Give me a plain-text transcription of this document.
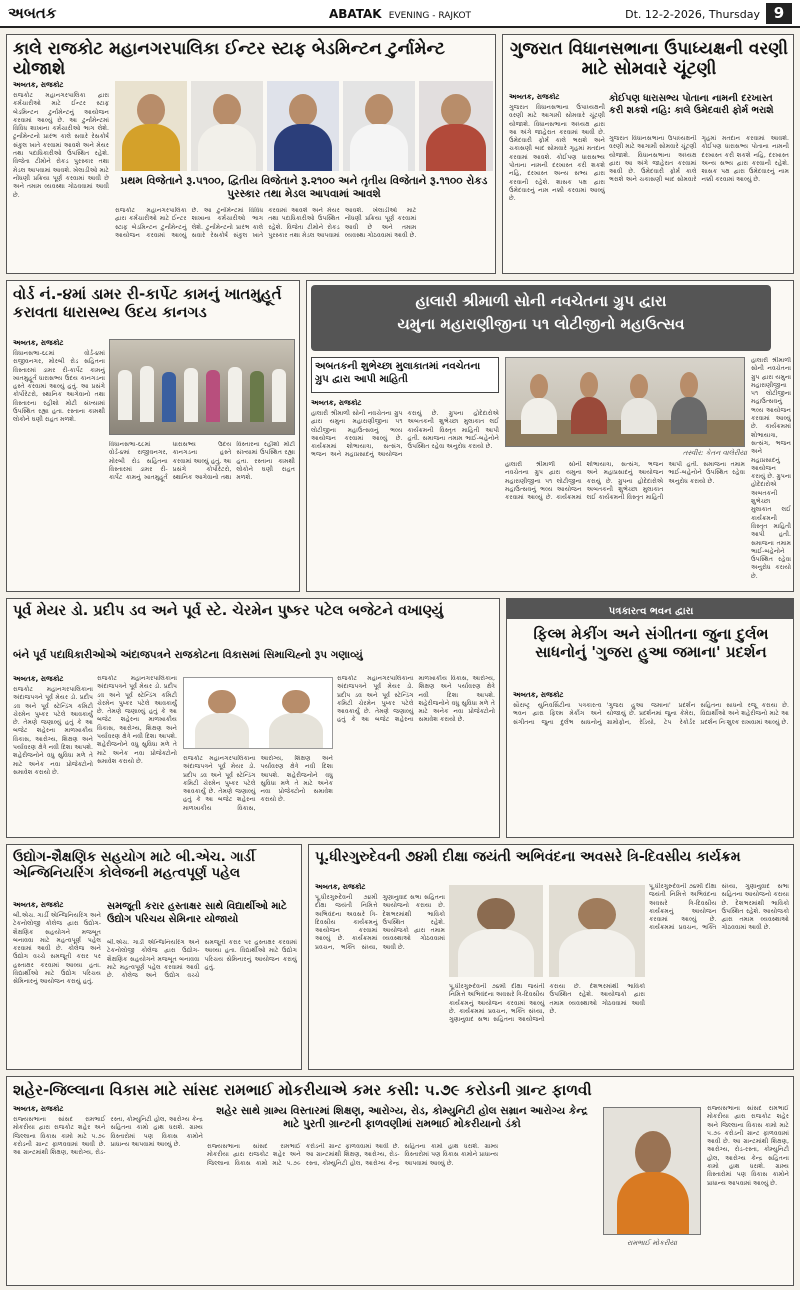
અબતક	ABATAK EVENING - RAJKOT	Dt. 12-2-2026, Thursday 9
કાલે રાજકોટ મહાનગરપાલિકા ઈન્ટર સ્ટાફ બેડમિન્ટન ટુર્નામેન્ટ યોજાશે
અબતક, રાજકોટ
રાજકોટ મહાનગરપાલિકા દ્વારા કર્મચારીઓ માટે ઈન્ટર સ્ટાફ બેડમિન્ટન ટુર્નામેન્ટનું આયોજન કરવામાં આવ્યું છે. આ ટુર્નામેન્ટમાં વિવિધ શાખાના કર્મચારીઓ ભાગ લેશે. ટુર્નામેન્ટનો પ્રારંભ કાલે સવારે રેસકોર્ષ સંકુલ ખાતે કરવામાં આવશે અને મેયર તથા પદાધિકારીઓ ઉપસ્થિત રહેશે. વિજેતા ટીમોને રોકડ પુરસ્કાર તથા મેડલ આપવામાં આવશે. ખેલાડીઓ માટે નોંધણી પ્રક્રિયા પૂર્ણ કરવામાં આવી છે અને તમામ વ્યવસ્થા ગોઠવવામાં આવી છે.
પ્રથમ વિજેતાને રૂ.૫૧૦૦, દ્વિતીય વિજેતાને રૂ.૨૧૦૦ અને તૃતીય વિજેતાને રૂ.૧૧૦૦ રોકડ પુરસ્કાર તથા મેડલ આપવામાં આવશે
રાજકોટ મહાનગરપાલિકા દ્વારા કર્મચારીઓ માટે ઈન્ટર સ્ટાફ બેડમિન્ટન ટુર્નામેન્ટનું આયોજન કરવામાં આવ્યું છે. આ ટુર્નામેન્ટમાં વિવિધ શાખાના કર્મચારીઓ ભાગ લેશે. ટુર્નામેન્ટનો પ્રારંભ કાલે સવારે રેસકોર્ષ સંકુલ ખાતે કરવામાં આવશે અને મેયર તથા પદાધિકારીઓ ઉપસ્થિત રહેશે. વિજેતા ટીમોને રોકડ પુરસ્કાર તથા મેડલ આપવામાં આવશે. ખેલાડીઓ માટે નોંધણી પ્રક્રિયા પૂર્ણ કરવામાં આવી છે અને તમામ વ્યવસ્થા ગોઠવવામાં આવી છે.
ગુજરાત વિધાનસભાના ઉપાધ્યક્ષની વરણી માટે સોમવારે ચૂંટણી
અબતક, રાજકોટ
ગુજરાત વિધાનસભાના ઉપાધ્યક્ષની વરણી માટે આગામી સોમવારે ચૂંટણી યોજાશે. વિધાનસભાના અધ્યક્ષ દ્વારા આ અંગે જાહેરાત કરવામાં આવી છે. ઉમેદવારી ફોર્મ કાલે ભરાશે અને ચકાસણી બાદ સોમવારે ગૃહમાં મતદાન કરવામાં આવશે. કોઈપણ ધારાસભ્ય પોતાના નામની દરખાસ્ત કરી શકશે નહિ, દરખાસ્ત અન્ય સભ્ય દ્વારા કરવાની રહેશે. શાસક પક્ષ દ્વારા ઉમેદવારનું નામ નક્કી કરવામાં આવ્યું છે.
કોઈપણ ધારાસભ્ય પોતાના નામની દરખાસ્ત કરી શકશે નહિ: કાલે ઉમેદવારી ફોર્મ ભરાશે
ગુજરાત વિધાનસભાના ઉપાધ્યક્ષની વરણી માટે આગામી સોમવારે ચૂંટણી યોજાશે. વિધાનસભાના અધ્યક્ષ દ્વારા આ અંગે જાહેરાત કરવામાં આવી છે. ઉમેદવારી ફોર્મ કાલે ભરાશે અને ચકાસણી બાદ સોમવારે ગૃહમાં મતદાન કરવામાં આવશે. કોઈપણ ધારાસભ્ય પોતાના નામની દરખાસ્ત કરી શકશે નહિ, દરખાસ્ત અન્ય સભ્ય દ્વારા કરવાની રહેશે. શાસક પક્ષ દ્વારા ઉમેદવારનું નામ નક્કી કરવામાં આવ્યું છે.
વોર્ડ નં.-૪માં ડામર રી-કાર્પેટ કામનું ખાતમુહૂર્ત કરાવતા ધારાસભ્ય ઉદય કાનગડ
અબતક, રાજકોટ
વિધાનસભા-૬૮માં વોર્ડ-૪માં રાજીવનગર, મોરબી રોડ સહિતના વિસ્તારમાં ડામર રી-કાર્પેટ કામનું ખાતમુહૂર્ત ધારાસભ્ય ઉદય કાનગડના હસ્તે કરવામાં આવ્યું હતું. આ પ્રસંગે કોર્પોરેટરો, સ્થાનિક આગેવાનો તથા વિસ્તારના રહીશો મોટી સંખ્યામાં ઉપસ્થિત રહ્યા હતા. રસ્તાના કામથી લોકોને ઘણી રાહત મળશે.
વિધાનસભા-૬૮માં વોર્ડ-૪માં રાજીવનગર, મોરબી રોડ સહિતના વિસ્તારમાં ડામર રી-કાર્પેટ કામનું ખાતમુહૂર્ત ધારાસભ્ય ઉદય કાનગડના હસ્તે કરવામાં આવ્યું હતું. આ પ્રસંગે કોર્પોરેટરો, સ્થાનિક આગેવાનો તથા વિસ્તારના રહીશો મોટી સંખ્યામાં ઉપસ્થિત રહ્યા હતા. રસ્તાના કામથી લોકોને ઘણી રાહત મળશે.
હાલારી શ્રીમાળી સોની નવચેતના ગ્રુપ દ્વારા
યમુના મહારાણીજીના ૫૧ લોટીજીનો મહાઉત્સવ
અબતકની શુભેચ્છા મુલાકાતમાં નવચેતના ગ્રુપ દ્વારા આપી માહિતી
તસ્વીર: કેતન વાલેરીયા
હાલારી શ્રીમાળી સોની નવચેતના ગ્રુપ દ્વારા યમુના મહારાણીજીના ૫૧ લોટીજીના મહાઉત્સવનું ભવ્ય આયોજન કરવામાં આવ્યું છે. કાર્યક્રમમાં શોભાયાત્રા, સત્સંગ, ભજન અને મહાપ્રસાદનું આયોજન કરાયું છે. ગ્રુપના હોદેદારોએ અબતકની શુભેચ્છા મુલાકાત લઈ કાર્યક્રમની વિસ્તૃત માહિતી આપી હતી. સમાજના તમામ ભાઈ-બહેનોને ઉપસ્થિત રહેવા અનુરોધ કરાયો છે.
અબતક, રાજકોટ
હાલારી શ્રીમાળી સોની નવચેતના ગ્રુપ દ્વારા યમુના મહારાણીજીના ૫૧ લોટીજીના મહાઉત્સવનું ભવ્ય આયોજન કરવામાં આવ્યું છે. કાર્યક્રમમાં શોભાયાત્રા, સત્સંગ, ભજન અને મહાપ્રસાદનું આયોજન કરાયું છે. ગ્રુપના હોદેદારોએ અબતકની શુભેચ્છા મુલાકાત લઈ કાર્યક્રમની વિસ્તૃત માહિતી આપી હતી. સમાજના તમામ ભાઈ-બહેનોને ઉપસ્થિત રહેવા અનુરોધ કરાયો છે.
હાલારી શ્રીમાળી સોની નવચેતના ગ્રુપ દ્વારા યમુના મહારાણીજીના ૫૧ લોટીજીના મહાઉત્સવનું ભવ્ય આયોજન કરવામાં આવ્યું છે. કાર્યક્રમમાં શોભાયાત્રા, સત્સંગ, ભજન અને મહાપ્રસાદનું આયોજન કરાયું છે. ગ્રુપના હોદેદારોએ અબતકની શુભેચ્છા મુલાકાત લઈ કાર્યક્રમની વિસ્તૃત માહિતી આપી હતી. સમાજના તમામ ભાઈ-બહેનોને ઉપસ્થિત રહેવા અનુરોધ કરાયો છે.
પૂર્વ મેયર ડો. પ્રદીપ ડવ અને પૂર્વ સ્ટે. ચેરમેન પુષ્કર પટેલ બજેટને વખાણ્યું
બંને પૂર્વ પદાધિકારીઓએ અંદાજપત્રને રાજકોટના વિકાસમાં સિમાચિહ્નો રૂપ ગણાવ્યું
અબતક, રાજકોટ
રાજકોટ મહાનગરપાલિકાના અંદાજપત્રને પૂર્વ મેયર ડો. પ્રદીપ ડવ અને પૂર્વ સ્ટેન્ડિંગ કમિટી ચેરમેન પુષ્કર પટેલે આવકાર્યું છે. તેમણે જણાવ્યું હતું કે આ બજેટ શહેરના માળખાકીય વિકાસ, આરોગ્ય, શિક્ષણ અને પર્યાવરણ ક્ષેત્રે નવી દિશા આપશે. શહેરીજનોને વધુ સુવિધા મળે તે માટે અનેક નવા પ્રોજેક્ટોનો સમાવેશ કરાયો છે.
રાજકોટ મહાનગરપાલિકાના અંદાજપત્રને પૂર્વ મેયર ડો. પ્રદીપ ડવ અને પૂર્વ સ્ટેન્ડિંગ કમિટી ચેરમેન પુષ્કર પટેલે આવકાર્યું છે. તેમણે જણાવ્યું હતું કે આ બજેટ શહેરના માળખાકીય વિકાસ, આરોગ્ય, શિક્ષણ અને પર્યાવરણ ક્ષેત્રે નવી દિશા આપશે. શહેરીજનોને વધુ સુવિધા મળે તે માટે અનેક નવા પ્રોજેક્ટોનો સમાવેશ કરાયો છે.	રાજકોટ મહાનગરપાલિકાના અંદાજપત્રને પૂર્વ મેયર ડો. પ્રદીપ ડવ અને પૂર્વ સ્ટેન્ડિંગ કમિટી ચેરમેન પુષ્કર પટેલે આવકાર્યું છે. તેમણે જણાવ્યું હતું કે આ બજેટ શહેરના માળખાકીય વિકાસ, આરોગ્ય, શિક્ષણ અને પર્યાવરણ ક્ષેત્રે નવી દિશા આપશે. શહેરીજનોને વધુ સુવિધા મળે તે માટે અનેક નવા પ્રોજેક્ટોનો સમાવેશ કરાયો છે.
રાજકોટ મહાનગરપાલિકાના અંદાજપત્રને પૂર્વ મેયર ડો. પ્રદીપ ડવ અને પૂર્વ સ્ટેન્ડિંગ કમિટી ચેરમેન પુષ્કર પટેલે આવકાર્યું છે. તેમણે જણાવ્યું હતું કે આ બજેટ શહેરના માળખાકીય વિકાસ, આરોગ્ય, શિક્ષણ અને પર્યાવરણ ક્ષેત્રે નવી દિશા આપશે. શહેરીજનોને વધુ સુવિધા મળે તે માટે અનેક નવા પ્રોજેક્ટોનો સમાવેશ કરાયો છે.
પત્રકારત્વ ભવન દ્વારા
ફિલ્મ મેકીંગ અને સંગીતના જુના દુર્લભ સાધનોનું 'ગુજરા હુઆ જમાના' પ્રદર્શન
અબતક, રાજકોટ
સૌરાષ્ટ્ર યુનિવર્સિટીના પત્રકારત્વ ભવન દ્વારા ફિલ્મ મેકીંગ અને સંગીતના જુના દુર્લભ સાધનોનું 'ગુજરા હુઆ જમાના' પ્રદર્શન યોજાયું છે. પ્રદર્શનમાં જુના કેમેરા, ગ્રામોફોન, રેડિયો, ટેપ રેકોર્ડર સહિતના સાધનો રજૂ કરાયા છે. વિદ્યાર્થીઓ અને શહેરીજનો માટે આ પ્રદર્શન નિઃશુલ્ક રાખવામાં આવ્યું છે.
ઉદ્યોગ-શૈક્ષણિક સહયોગ માટે બી.એચ. ગાર્ડી એન્જિનિયરિંગ કોલેજની મહત્વપૂર્ણ પહેલ
અબતક, રાજકોટ
બી.એચ. ગાર્ડી એન્જિનિયરિંગ અને ટેકનોલોજી કોલેજ દ્વારા ઉદ્યોગ-શૈક્ષણિક સહયોગને મજબૂત બનાવવા માટે મહત્વપૂર્ણ પહેલ કરવામાં આવી છે. કોલેજ અને ઉદ્યોગ વચ્ચે સમજૂતી કરાર પર હસ્તાક્ષર કરવામાં આવ્યા હતા. વિદ્યાર્થીઓ માટે ઉદ્યોગ પરિચય સેમિનારનું આયોજન કરાયું હતું.
સમજૂતી કરાર હસ્તાક્ષર સાથે વિદ્યાર્થીઓ માટે ઉદ્યોગ પરિચય સેમિનાર યોજાયો
બી.એચ. ગાર્ડી એન્જિનિયરિંગ અને ટેકનોલોજી કોલેજ દ્વારા ઉદ્યોગ-શૈક્ષણિક સહયોગને મજબૂત બનાવવા માટે મહત્વપૂર્ણ પહેલ કરવામાં આવી છે. કોલેજ અને ઉદ્યોગ વચ્ચે સમજૂતી કરાર પર હસ્તાક્ષર કરવામાં આવ્યા હતા. વિદ્યાર્થીઓ માટે ઉદ્યોગ પરિચય સેમિનારનું આયોજન કરાયું હતું.
પૂ.ધીરગુરુદેવની ૭૪મી દીક્ષા જયંતી અભિવંદના અવસરે ત્રિ-દિવસીય કાર્યક્રમ
અબતક, રાજકોટ
પૂ.ધીરગુરુદેવની ૭૪મી દીક્ષા જયંતી નિમિત્તે અભિવંદના અવસરે ત્રિ-દિવસીય કાર્યક્રમનું આયોજન કરવામાં આવ્યું છે. કાર્યક્રમમાં પ્રવચન, ભક્તિ સંધ્યા, ગુણાનુવાદ સભા સહિતના આયોજનો કરાયા છે. દેશભરમાંથી ભાવિકો ઉપસ્થિત રહેશે. આયોજકો દ્વારા તમામ વ્યવસ્થાઓ ગોઠવવામાં આવી છે.
પૂ.ધીરગુરુદેવની ૭૪મી દીક્ષા જયંતી નિમિત્તે અભિવંદના અવસરે ત્રિ-દિવસીય કાર્યક્રમનું આયોજન કરવામાં આવ્યું છે. કાર્યક્રમમાં પ્રવચન, ભક્તિ સંધ્યા, ગુણાનુવાદ સભા સહિતના આયોજનો કરાયા છે. દેશભરમાંથી ભાવિકો ઉપસ્થિત રહેશે. આયોજકો દ્વારા તમામ વ્યવસ્થાઓ ગોઠવવામાં આવી છે.
પૂ.ધીરગુરુદેવની ૭૪મી દીક્ષા જયંતી નિમિત્તે અભિવંદના અવસરે ત્રિ-દિવસીય કાર્યક્રમનું આયોજન કરવામાં આવ્યું છે. કાર્યક્રમમાં પ્રવચન, ભક્તિ સંધ્યા, ગુણાનુવાદ સભા સહિતના આયોજનો કરાયા છે. દેશભરમાંથી ભાવિકો ઉપસ્થિત રહેશે. આયોજકો દ્વારા તમામ વ્યવસ્થાઓ ગોઠવવામાં આવી છે.
શહેર-જિલ્લાના વિકાસ માટે સાંસદ રામભાઈ મોકરીયાએ કમર કસી: ૫.૭૯ કરોડની ગ્રાન્ટ ફાળવી
અબતક, રાજકોટ
રાજ્યસભાના સાંસદ રામભાઈ મોકરીયા દ્વારા રાજકોટ શહેર અને જિલ્લાના વિકાસ કામો માટે ૫.૭૯ કરોડની ગ્રાન્ટ ફાળવવામાં આવી છે. આ ગ્રાન્ટમાંથી શિક્ષણ, આરોગ્ય, રોડ-રસ્તા, કોમ્યુનિટી હોલ, આરોગ્ય કેન્દ્ર સહિતના કામો હાથ ધરાશે. ગ્રામ્ય વિસ્તારોમાં પણ વિકાસ કામોને પ્રાધાન્ય આપવામાં આવ્યું છે.
શહેર સાથે ગ્રામ્ય વિસ્તારમાં શિક્ષણ, આરોગ્ય, રોડ, કોમ્યુનિટી હોલ સમ્રાન આરોગ્ય કેન્દ્ર માટે પુરતી ગ્રાન્ટની ફાળવણીમાં રામભાઈ મોકરીયાનો ડંકો
રાજ્યસભાના સાંસદ રામભાઈ મોકરીયા દ્વારા રાજકોટ શહેર અને જિલ્લાના વિકાસ કામો માટે ૫.૭૯ કરોડની ગ્રાન્ટ ફાળવવામાં આવી છે. આ ગ્રાન્ટમાંથી શિક્ષણ, આરોગ્ય, રોડ-રસ્તા, કોમ્યુનિટી હોલ, આરોગ્ય કેન્દ્ર સહિતના કામો હાથ ધરાશે. ગ્રામ્ય વિસ્તારોમાં પણ વિકાસ કામોને પ્રાધાન્ય આપવામાં આવ્યું છે.
રામભાઈ મોકરીયા
રાજ્યસભાના સાંસદ રામભાઈ મોકરીયા દ્વારા રાજકોટ શહેર અને જિલ્લાના વિકાસ કામો માટે ૫.૭૯ કરોડની ગ્રાન્ટ ફાળવવામાં આવી છે. આ ગ્રાન્ટમાંથી શિક્ષણ, આરોગ્ય, રોડ-રસ્તા, કોમ્યુનિટી હોલ, આરોગ્ય કેન્દ્ર સહિતના કામો હાથ ધરાશે. ગ્રામ્ય વિસ્તારોમાં પણ વિકાસ કામોને પ્રાધાન્ય આપવામાં આવ્યું છે.
